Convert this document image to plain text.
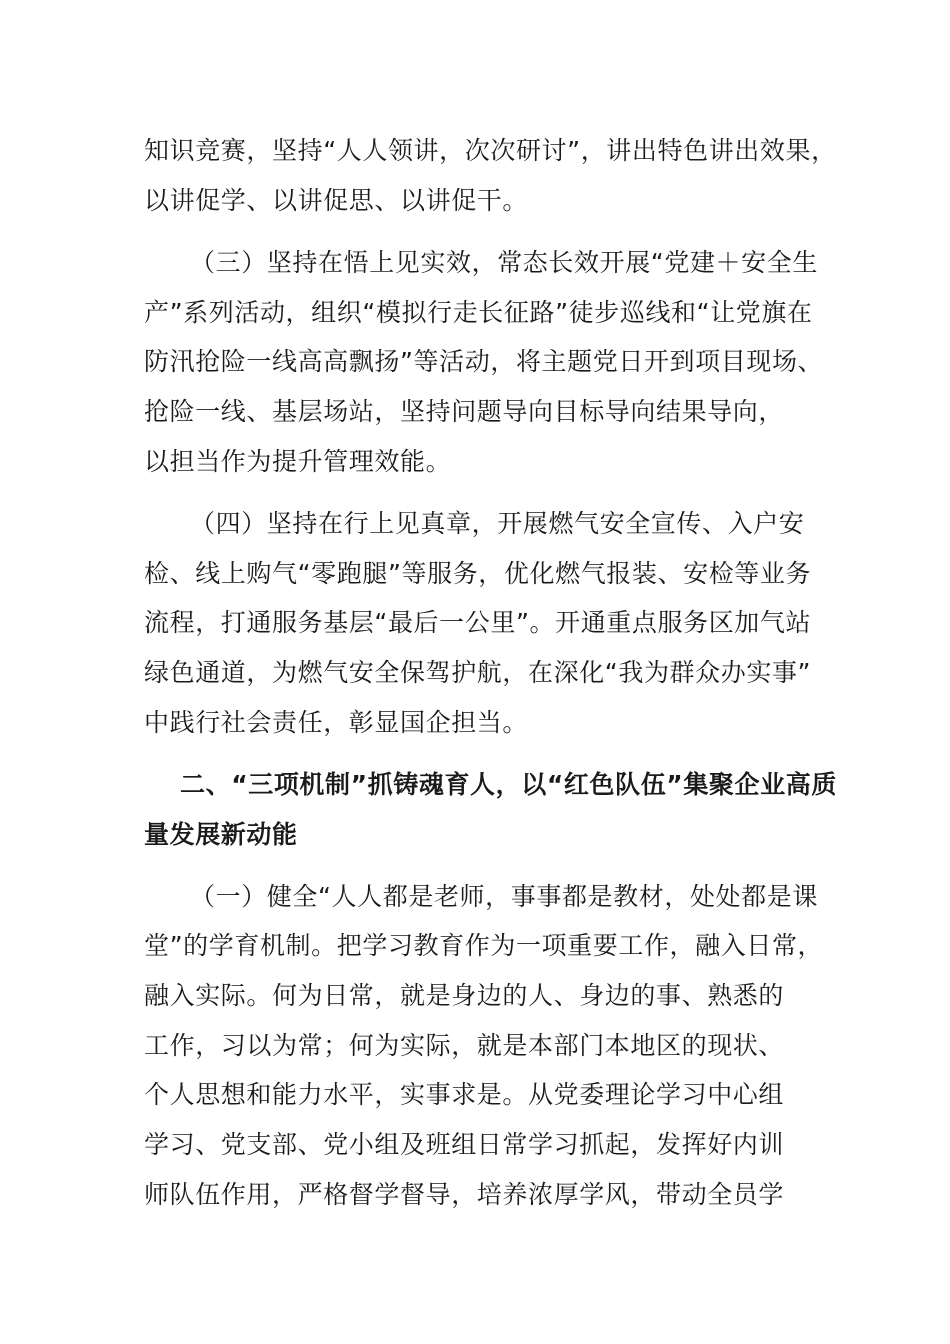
知识竞赛，坚持“人人领讲，次次研讨”，讲出特色讲出效果，
以讲促学、以讲促思、以讲促干。
（三）坚持在悟上见实效，常态长效开展“党建＋安全生
产”系列活动，组织“模拟行走长征路”徒步巡线和“让党旗在
防汛抢险一线高高飘扬”等活动，将主题党日开到项目现场、
抢险一线、基层场站，坚持问题导向目标导向结果导向，
以担当作为提升管理效能。
（四）坚持在行上见真章，开展燃气安全宣传、入户安
检、线上购气“零跑腿”等服务，优化燃气报装、安检等业务
流程，打通服务基层“最后一公里”。开通重点服务区加气站
绿色通道，为燃气安全保驾护航，在深化“我为群众办实事”
中践行社会责任，彰显国企担当。
二、“三项机制”抓铸魂育人，以“红色队伍”集聚企业高质
量发展新动能
（一）健全“人人都是老师，事事都是教材，处处都是课
堂”的学育机制。把学习教育作为一项重要工作，融入日常，
融入实际。何为日常，就是身边的人、身边的事、熟悉的
工作，习以为常；何为实际，就是本部门本地区的现状、
个人思想和能力水平，实事求是。从党委理论学习中心组
学习、党支部、党小组及班组日常学习抓起，发挥好内训
师队伍作用，严格督学督导，培养浓厚学风，带动全员学
